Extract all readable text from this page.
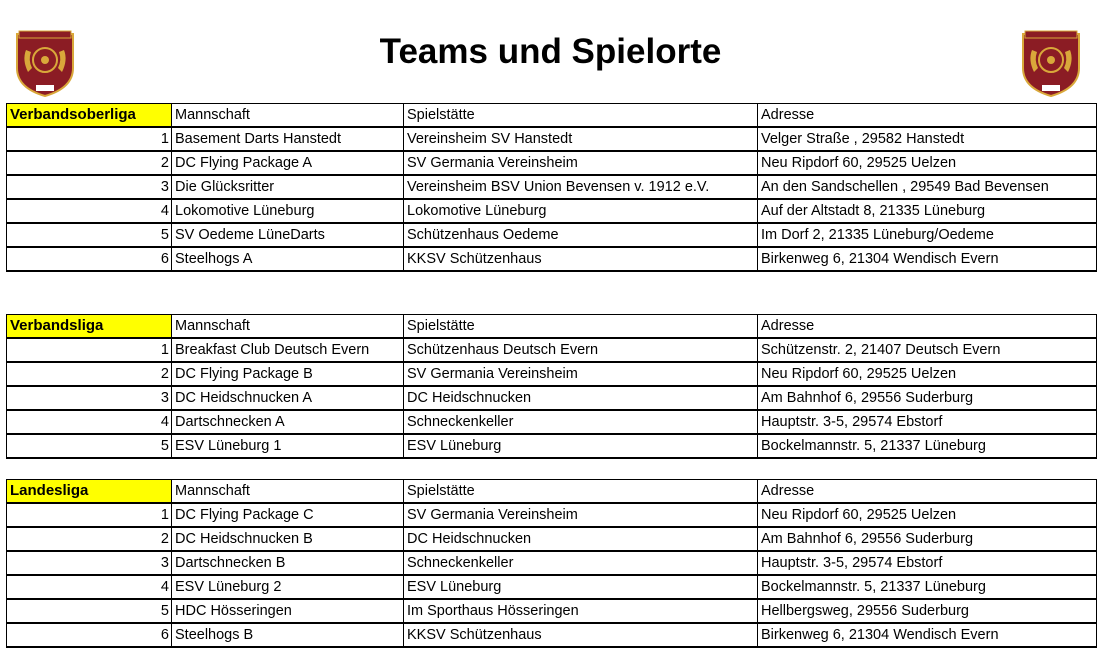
Teams und Spielorte
Verbandsoberliga	Mannschaft	Spielstätte	Adresse
1	Basement Darts Hanstedt	Vereinsheim SV Hanstedt	Velger Straße , 29582 Hanstedt
2	DC Flying Package A	SV Germania Vereinsheim	Neu Ripdorf 60, 29525 Uelzen
3	Die Glücksritter	Vereinsheim BSV Union Bevensen v. 1912 e.V.	An den Sandschellen , 29549 Bad Bevensen
4	Lokomotive Lüneburg	Lokomotive Lüneburg	Auf der Altstadt 8, 21335 Lüneburg
5	SV Oedeme LüneDarts	Schützenhaus Oedeme	Im Dorf 2, 21335 Lüneburg/Oedeme
6	Steelhogs A	KKSV Schützenhaus	Birkenweg 6, 21304 Wendisch Evern
Verbandsliga	Mannschaft	Spielstätte	Adresse
1	Breakfast Club Deutsch Evern	Schützenhaus Deutsch Evern	Schützenstr. 2, 21407 Deutsch Evern
2	DC Flying Package B	SV Germania Vereinsheim	Neu Ripdorf 60, 29525 Uelzen
3	DC Heidschnucken A	DC Heidschnucken	Am Bahnhof 6, 29556 Suderburg
4	Dartschnecken A	Schneckenkeller	Hauptstr. 3-5, 29574 Ebstorf
5	ESV Lüneburg 1	ESV Lüneburg	Bockelmannstr. 5, 21337 Lüneburg
Landesliga	Mannschaft	Spielstätte	Adresse
1	DC Flying Package C	SV Germania Vereinsheim	Neu Ripdorf 60, 29525 Uelzen
2	DC Heidschnucken B	DC Heidschnucken	Am Bahnhof 6, 29556 Suderburg
3	Dartschnecken B	Schneckenkeller	Hauptstr. 3-5, 29574 Ebstorf
4	ESV Lüneburg 2	ESV Lüneburg	Bockelmannstr. 5, 21337 Lüneburg
5	HDC Hösseringen	Im Sporthaus Hösseringen	Hellbergsweg, 29556 Suderburg
6	Steelhogs B	KKSV Schützenhaus	Birkenweg 6, 21304 Wendisch Evern
